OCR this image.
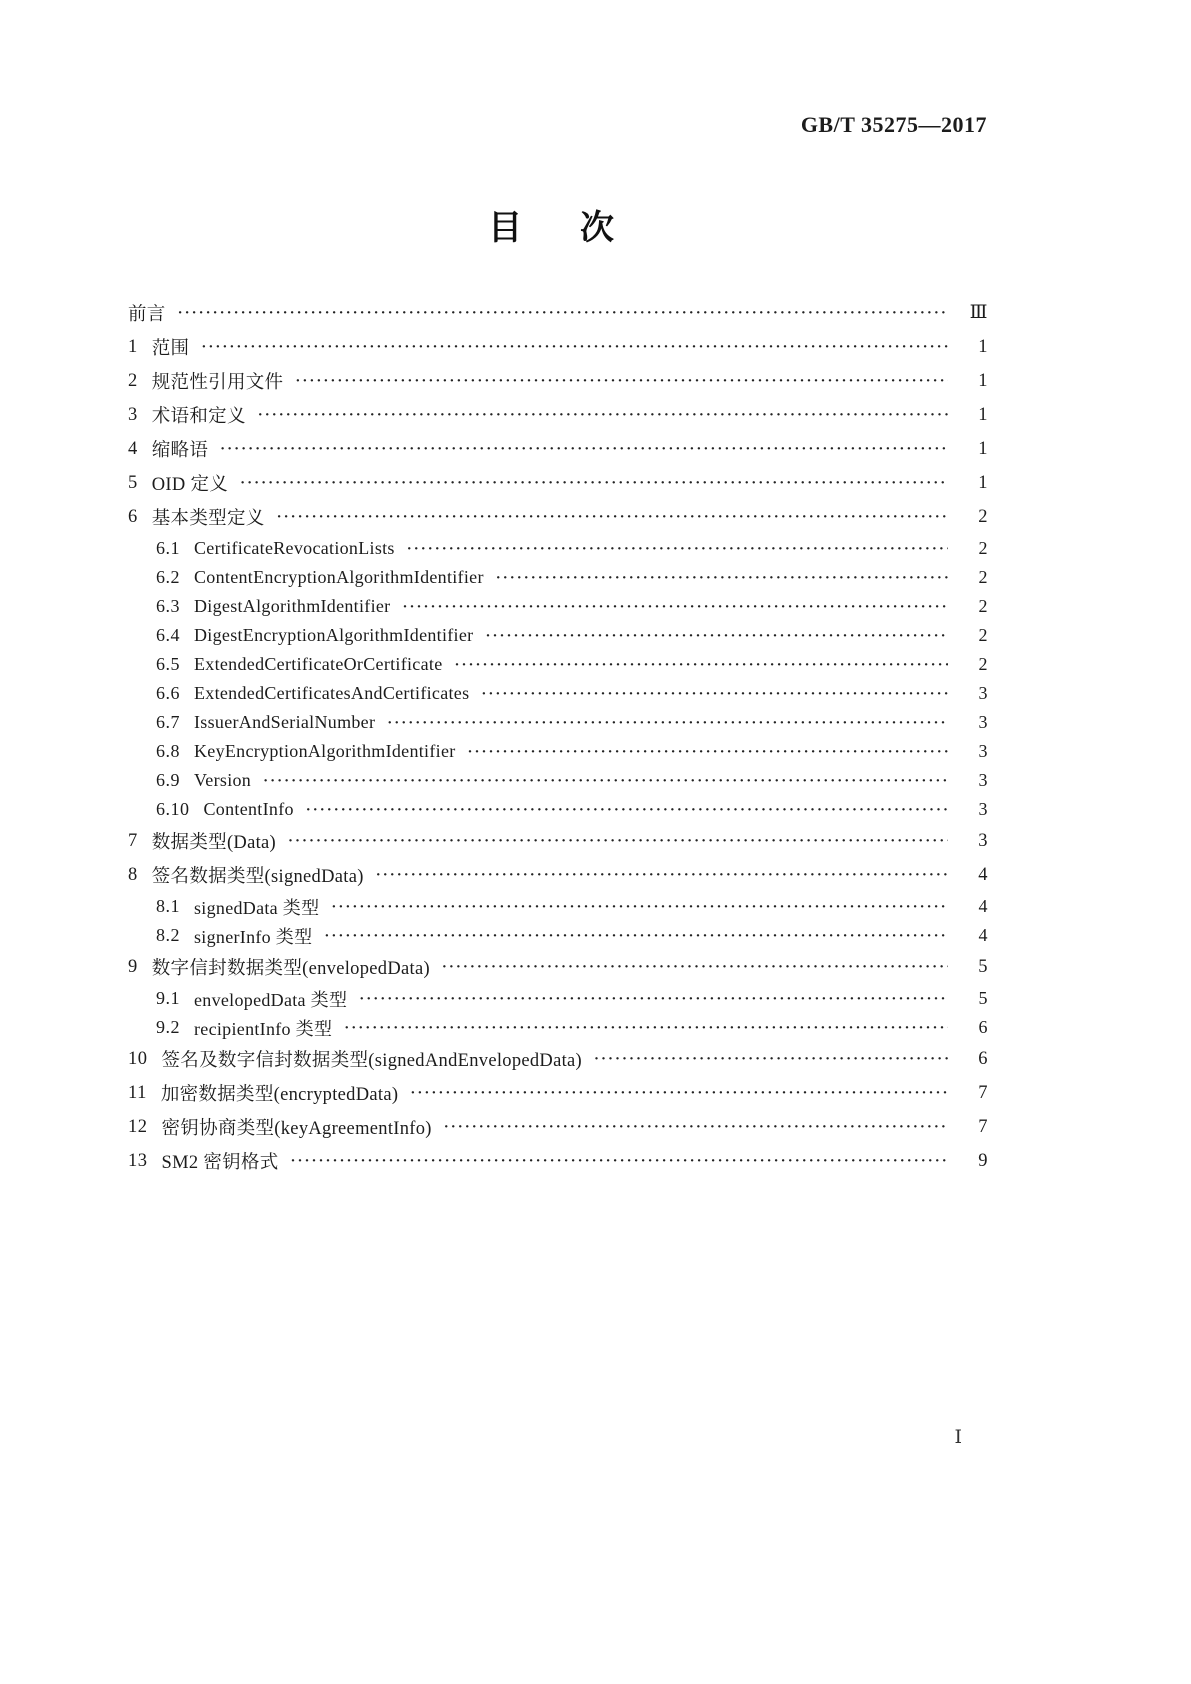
GB/T 35275—2017
目　次
前言 ·····	Ⅲ
1 范围 ·····	1
2 规范性引用文件 ·····	1
3 术语和定义 ·····	1
4 缩略语 ·····	1
5 OID 定义 ·····	1
6 基本类型定义 ·····	2
6.1 CertificateRevocationLists ·····	2
6.2 ContentEncryptionAlgorithmIdentifier ·····	2
6.3 DigestAlgorithmIdentifier ·····	2
6.4 DigestEncryptionAlgorithmIdentifier ·····	2
6.5 ExtendedCertificateOrCertificate ·····	2
6.6 ExtendedCertificatesAndCertificates ·····	3
6.7 IssuerAndSerialNumber ·····	3
6.8 KeyEncryptionAlgorithmIdentifier ·····	3
6.9 Version ·····	3
6.10 ContentInfo ·····	3
7 数据类型(Data) ·····	3
8 签名数据类型(signedData) ·····	4
8.1 signedData 类型 ·····	4
8.2 signerInfo 类型 ·····	4
9 数字信封数据类型(envelopedData) ·····	5
9.1 envelopedData 类型 ·····	5
9.2 recipientInfo 类型 ·····	6
10 签名及数字信封数据类型(signedAndEnvelopedData) ·····	6
11 加密数据类型(encryptedData) ·····	7
12 密钥协商类型(keyAgreementInfo) ·····	7
13 SM2 密钥格式 ·····	9
Ⅰ
